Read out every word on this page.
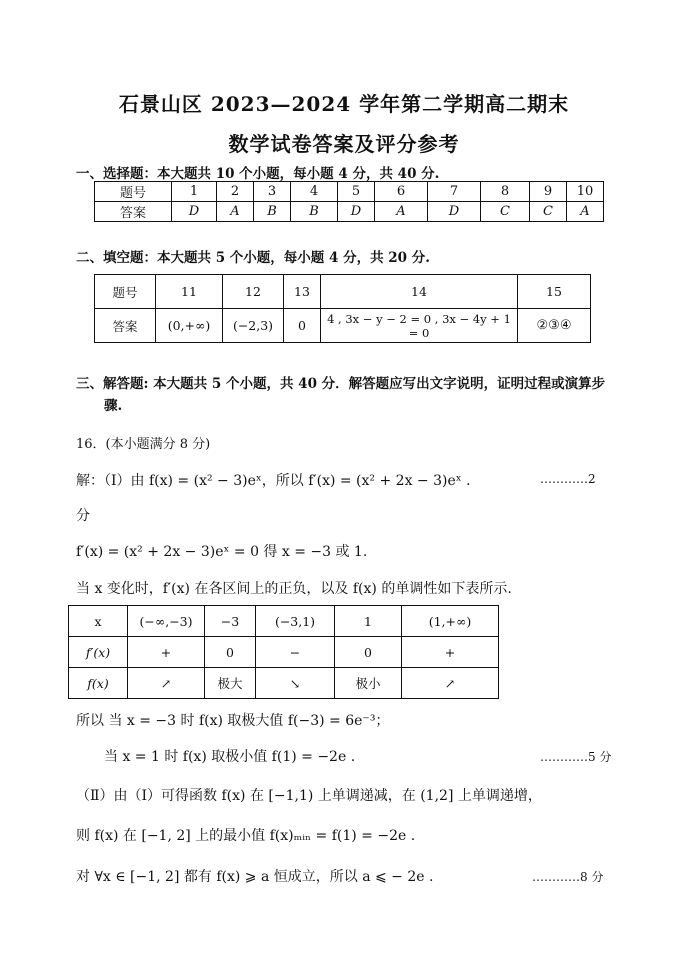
石景山区 2023—2024 学年第二学期高二期末
数学试卷答案及评分参考
一、选择题：本大题共 10 个小题，每小题 4 分，共 40 分.
题号	1	2	3	4	5	6	7	8	9	10
答案	D	A	B	B	D	A	D	C	C	A
二、填空题：本大题共 5 个小题，每小题 4 分，共 20 分.
题号	11	12	13	14	15
答案	(0,+∞)	(−2,3)	0	4 , 3x − y − 2 = 0 , 3x − 4y + 1 = 0	②③④
三、解答题: 本大题共 5 个小题，共 40 分．解答题应写出文字说明，证明过程或演算步
骤.
16．(本小题满分 8 分)
解：（Ⅰ）由 f(x) = (x² − 3)eˣ，所以 f′(x) = (x² + 2x − 3)eˣ .	…………2
分
f′(x) = (x² + 2x − 3)eˣ = 0 得 x = −3 或 1.
当 x 变化时，f′(x) 在各区间上的正负，以及 f(x) 的单调性如下表所示.
x	(−∞,−3)	−3	(−3,1)	1	(1,+∞)
f′(x)	+	0	−	0	+
f(x)	↗	极大	↘	极小	↗
所以 当 x = −3 时 f(x) 取极大值 f(−3) = 6e⁻³；
当 x = 1 时 f(x) 取极小值 f(1) = −2e .	…………5 分
（Ⅱ）由（Ⅰ）可得函数 f(x) 在 [−1,1) 上单调递减，在 (1,2] 上单调递增，
则 f(x) 在 [−1, 2] 上的最小值 f(x)ₘᵢₙ = f(1) = −2e .
对 ∀x ∈ [−1, 2] 都有 f(x) ⩾ a 恒成立，所以 a ⩽ − 2e .	…………8 分
